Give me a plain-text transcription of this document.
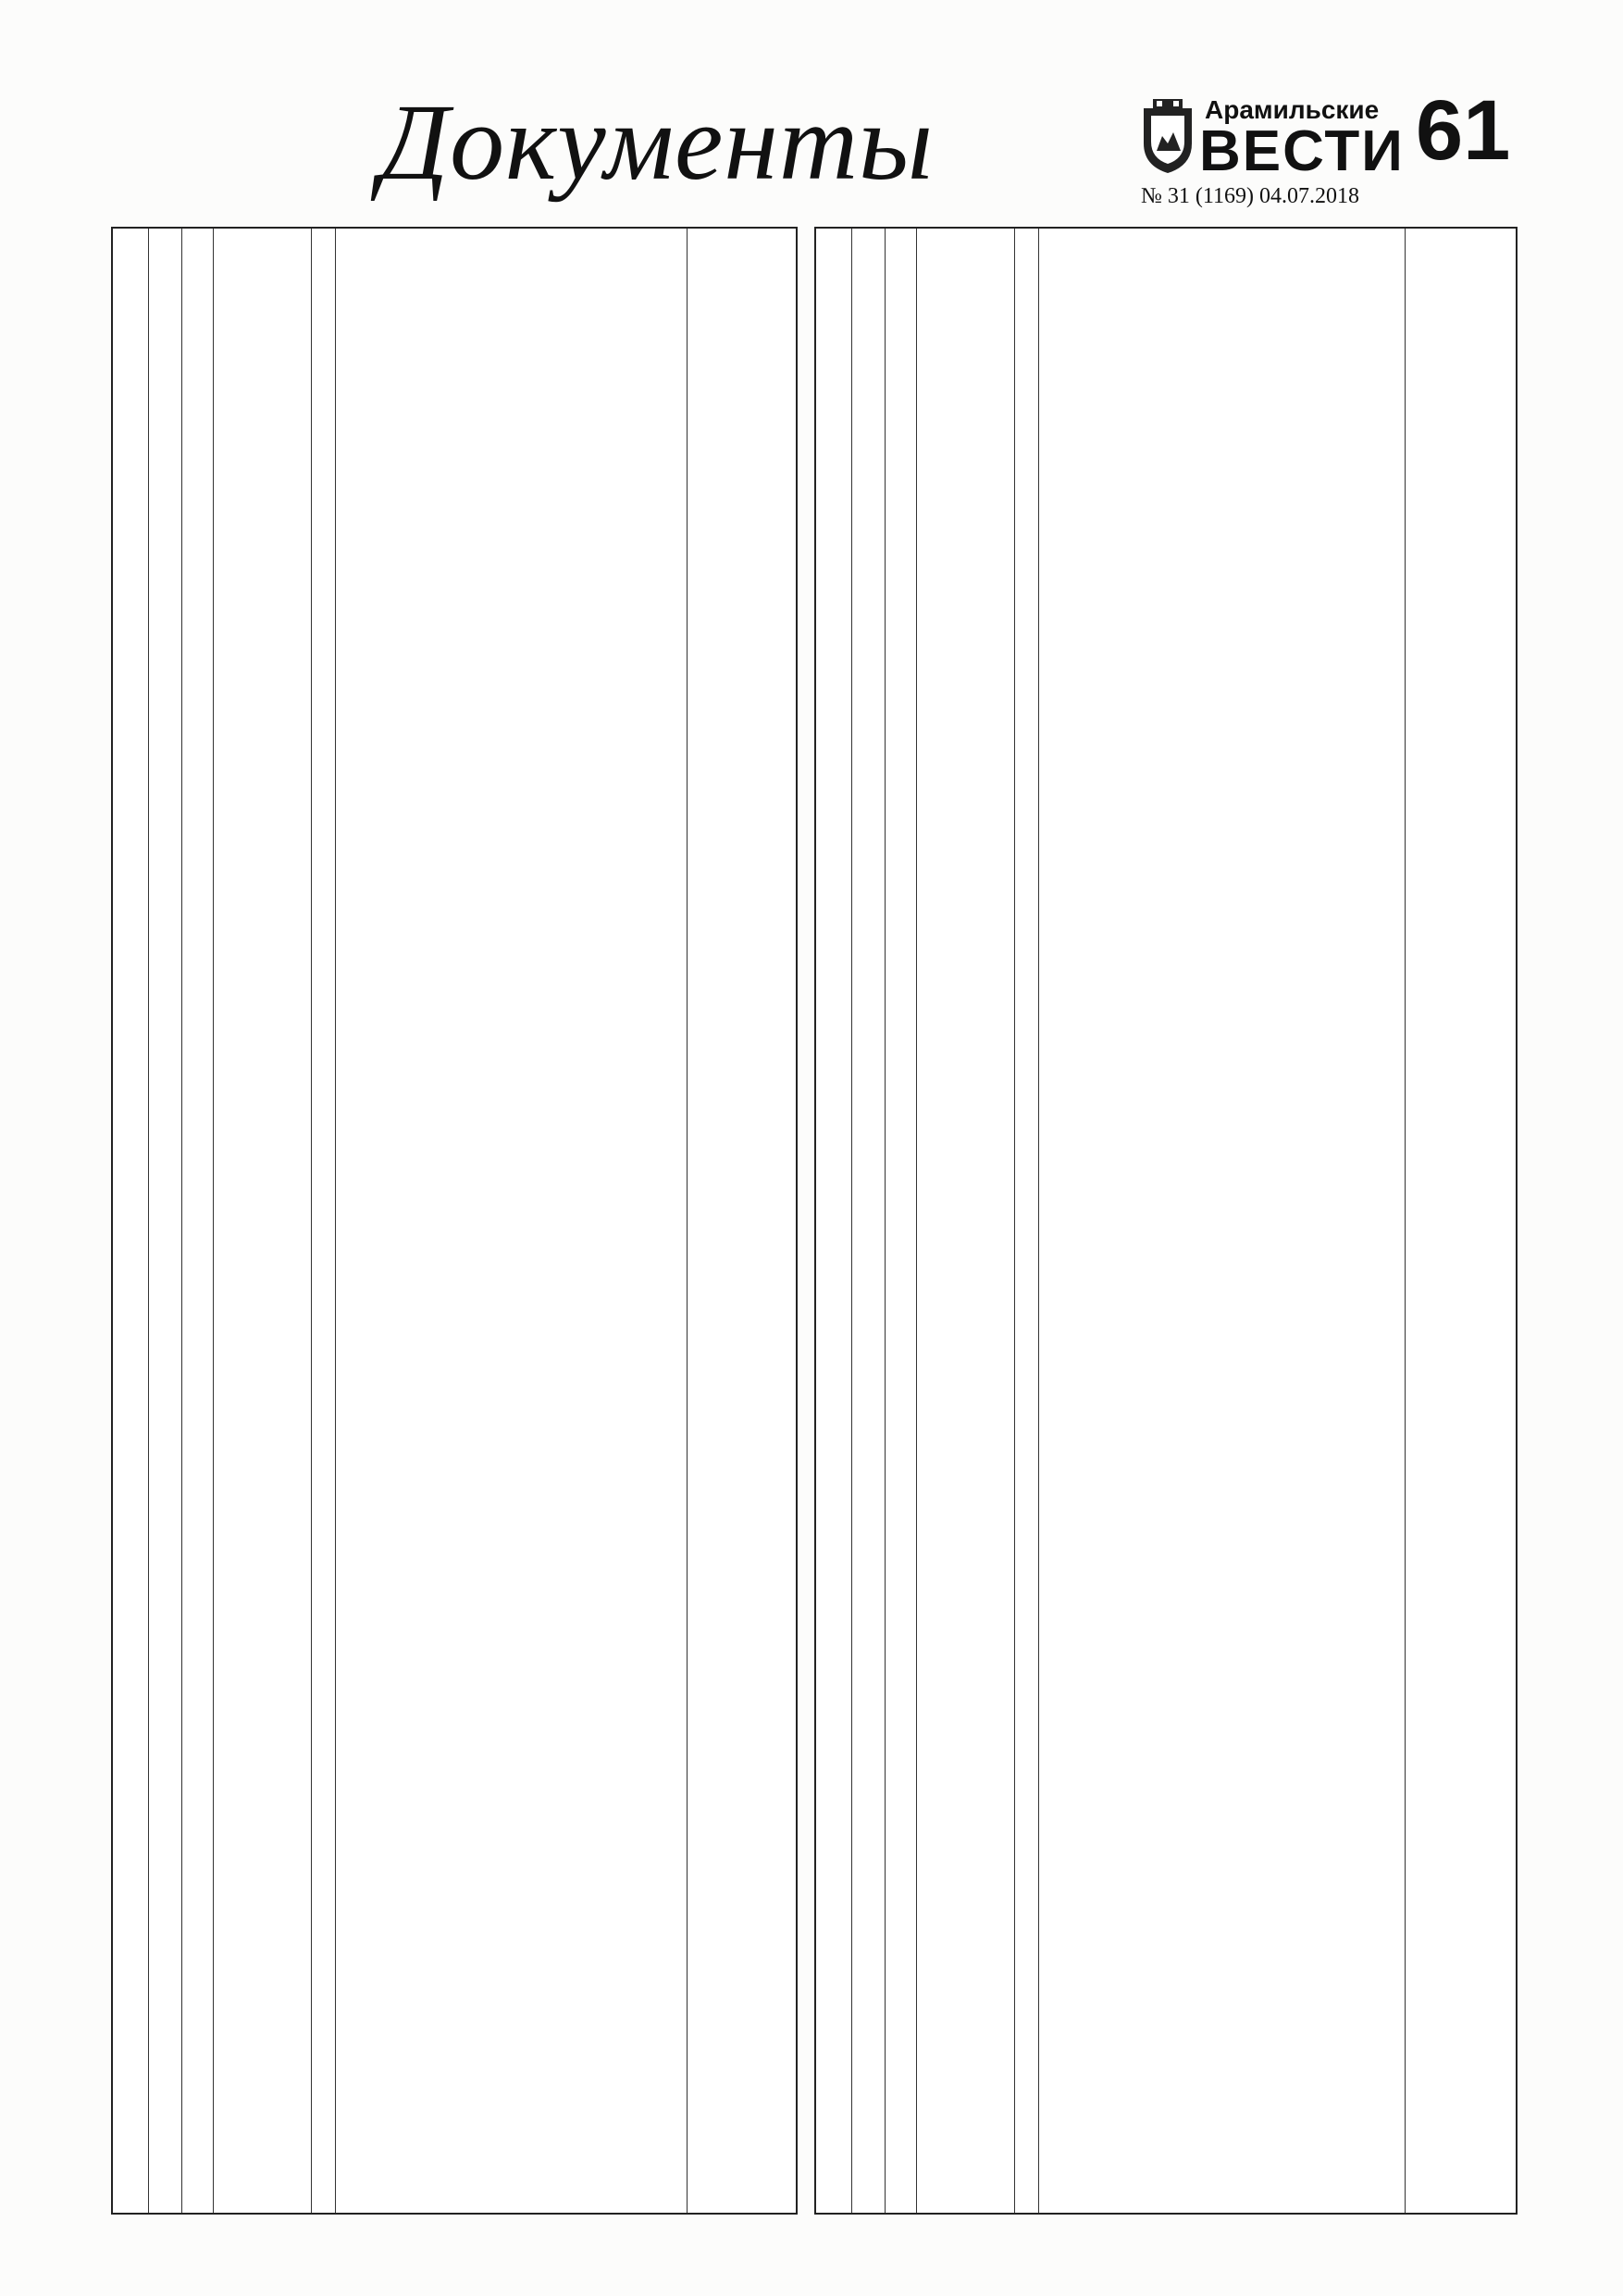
Документы	Арамильские
ВЕСТИ 61
№ 31 (1169) 04.07.2018
